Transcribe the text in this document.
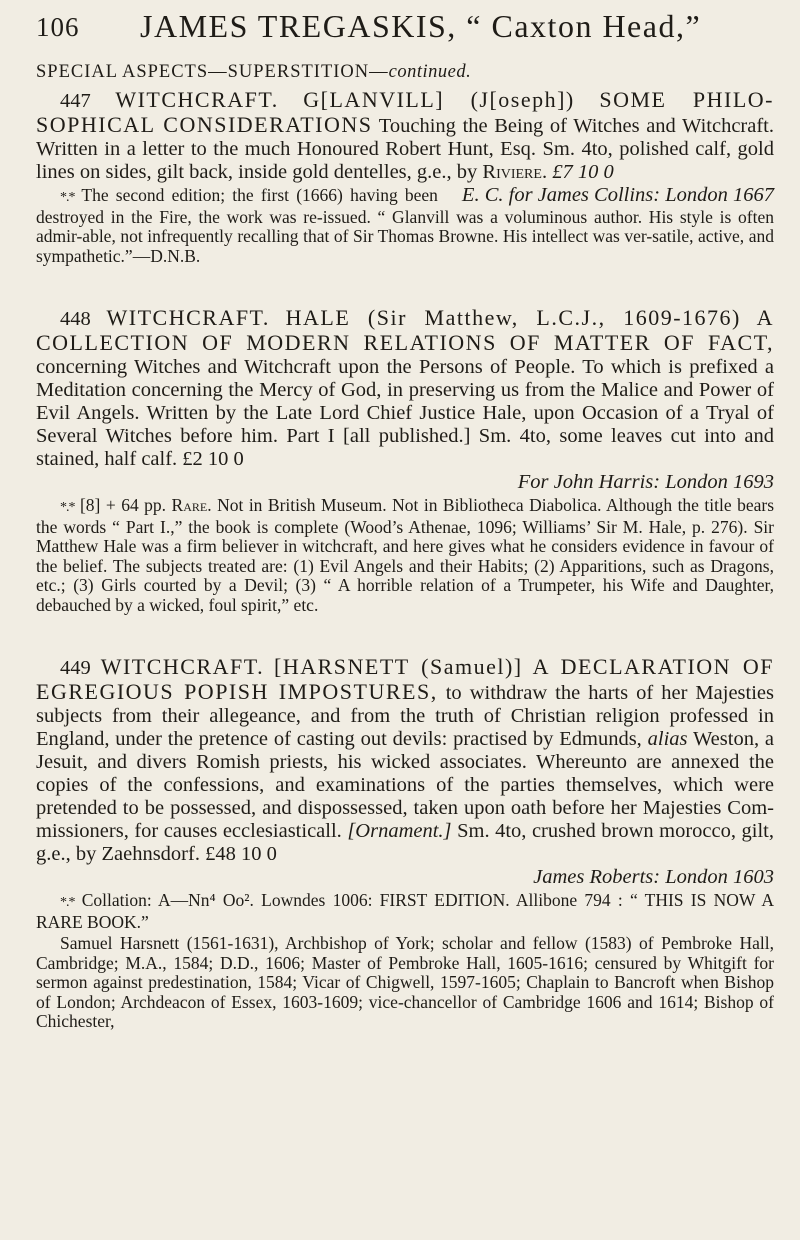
106 JAMES TREGASKIS, “ Caxton Head,”
SPECIAL ASPECTS—SUPERSTITION—continued.

447 WITCHCRAFT. G[LANVILL] (J[oseph]) SOME PHILO-SOPHICAL CONSIDERATIONS Touching the Being of Witches and Witchcraft. Written in a letter to the much Honoured Robert Hunt, Esq. Sm. 4to, polished calf, gold lines on sides, gilt back, inside gold dentelles, g.e., by Riviere. £7 10 0
E. C. for James Collins: London 1667

*.* The second edition; the first (1666) having been destroyed in the Fire, the work was re-issued. “ Glanvill was a voluminous author. His style is often admir-able, not infrequently recalling that of Sir Thomas Browne. His intellect was ver-satile, active, and sympathetic.”—D.N.B.

448 WITCHCRAFT. HALE (Sir Matthew, L.C.J., 1609-1676) A COLLECTION OF MODERN RELATIONS OF MATTER OF FACT, concerning Witches and Witchcraft upon the Persons of People. To which is prefixed a Meditation concerning the Mercy of God, in preserving us from the Malice and Power of Evil Angels. Written by the Late Lord Chief Justice Hale, upon Occasion of a Tryal of Several Witches before him. Part I [all published.] Sm. 4to, some leaves cut into and stained, half calf. £2 10 0

For John Harris: London 1693

*.* [8] + 64 pp. Rare. Not in British Museum. Not in Bibliotheca Diabolica. Although the title bears the words “ Part I.,” the book is complete (Wood’s Athenae, 1096; Williams’ Sir M. Hale, p. 276). Sir Matthew Hale was a firm believer in witchcraft, and here gives what he considers evidence in favour of the belief. The subjects treated are: (1) Evil Angels and their Habits; (2) Apparitions, such as Dragons, etc.; (3) Girls courted by a Devil; (3) “ A horrible relation of a Trumpeter, his Wife and Daughter, debauched by a wicked, foul spirit,” etc.

449 WITCHCRAFT. [HARSNETT (Samuel)] A DECLARATION OF EGREGIOUS POPISH IMPOSTURES, to withdraw the harts of her Majesties subjects from their allegeance, and from the truth of Christian religion professed in England, under the pretence of casting out devils: practised by Edmunds, alias Weston, a Jesuit, and divers Romish priests, his wicked associates. Whereunto are annexed the copies of the confessions, and examinations of the parties themselves, which were pretended to be possessed, and dispossessed, taken upon oath before her Majesties Com-missioners, for causes ecclesiasticall. [Ornament.] Sm. 4to, crushed brown morocco, gilt, g.e., by Zaehnsdorf. £48 10 0

James Roberts: London 1603

*.* Collation: A—Nn⁴ Oo². Lowndes 1006: FIRST EDITION. Allibone 794 : “ THIS IS NOW A RARE BOOK.”

Samuel Harsnett (1561-1631), Archbishop of York; scholar and fellow (1583) of Pembroke Hall, Cambridge; M.A., 1584; D.D., 1606; Master of Pembroke Hall, 1605-1616; censured by Whitgift for sermon against predestination, 1584; Vicar of Chigwell, 1597-1605; Chaplain to Bancroft when Bishop of London; Archdeacon of Essex, 1603-1609; vice-chancellor of Cambridge 1606 and 1614; Bishop of Chichester,
